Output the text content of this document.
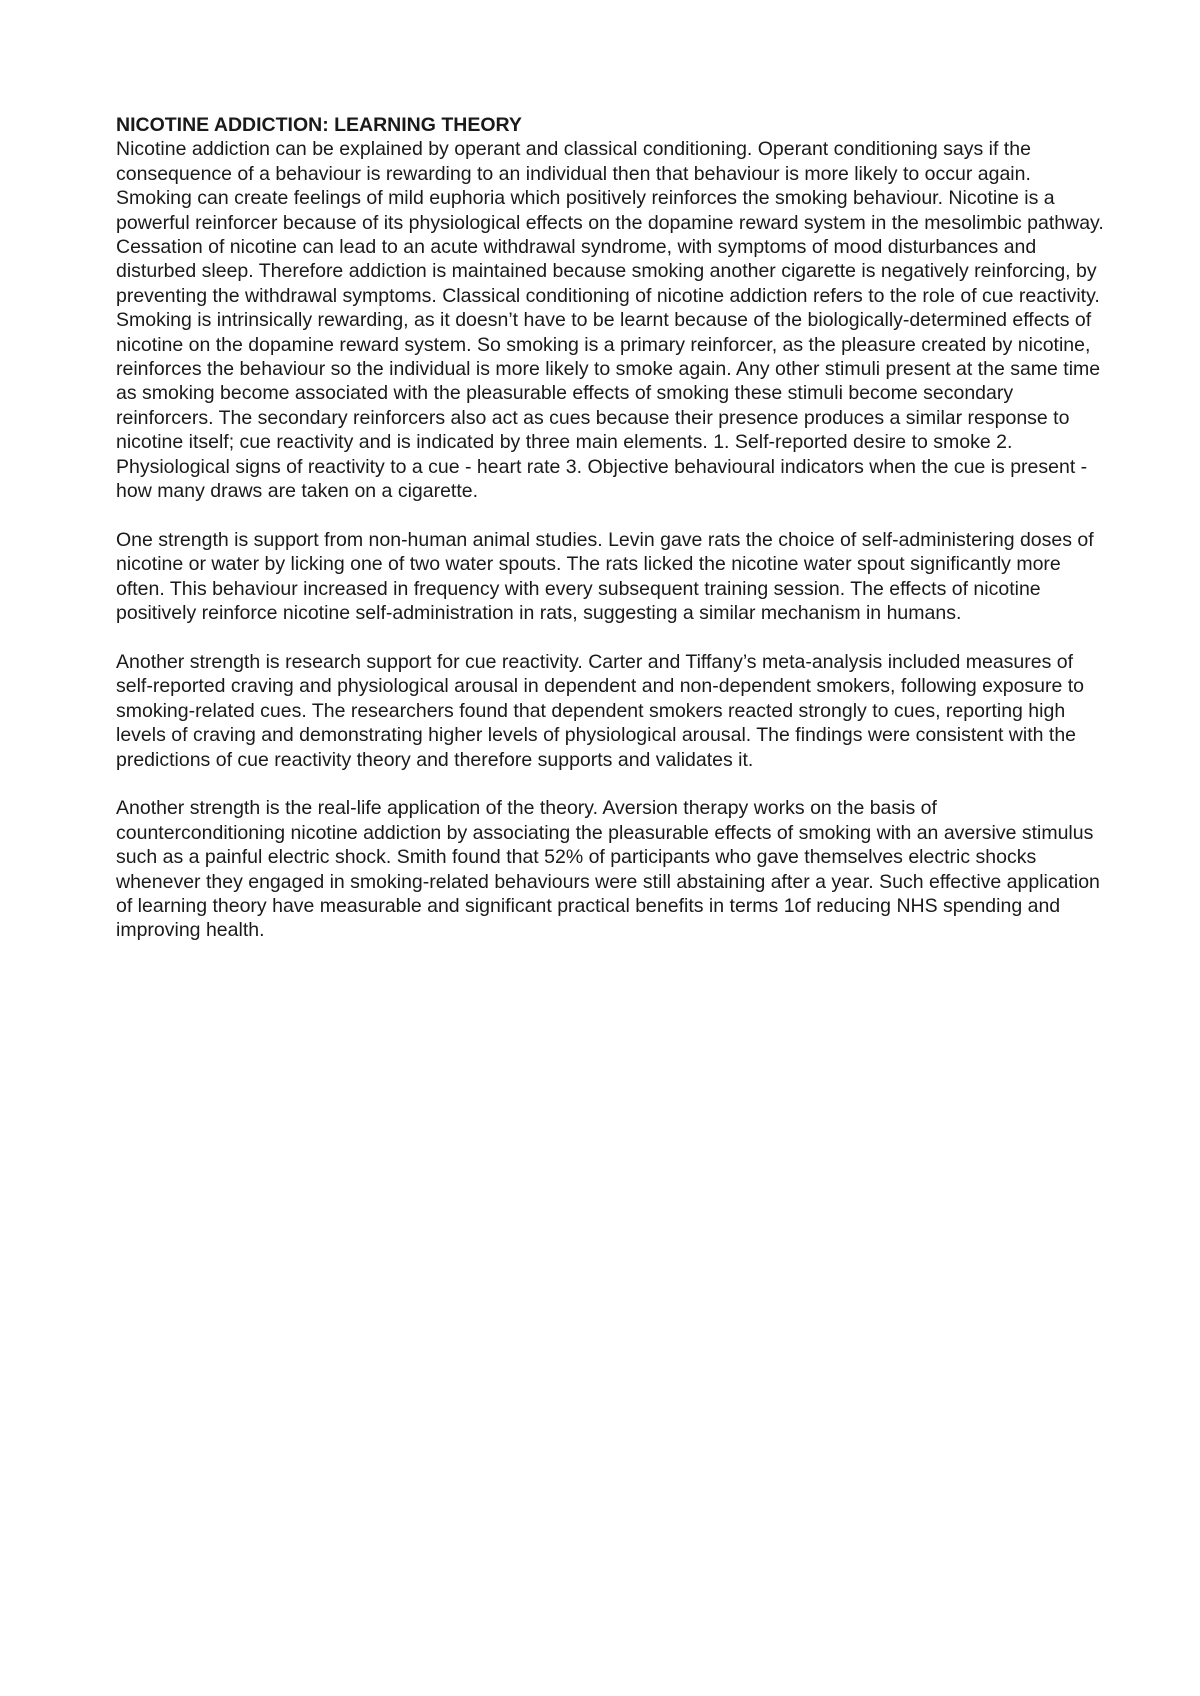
NICOTINE ADDICTION: LEARNING THEORY

Nicotine addiction can be explained by operant and classical conditioning. Operant conditioning says if the consequence of a behaviour is rewarding to an individual then that behaviour is more likely to occur again. Smoking can create feelings of mild euphoria which positively reinforces the smoking behaviour. Nicotine is a powerful reinforcer because of its physiological effects on the dopamine reward system in the mesolimbic pathway. Cessation of nicotine can lead to an acute withdrawal syndrome, with symptoms of mood disturbances and disturbed sleep. Therefore addiction is maintained because smoking another cigarette is negatively reinforcing, by preventing the withdrawal symptoms. Classical conditioning of nicotine addiction refers to the role of cue reactivity. Smoking is intrinsically rewarding, as it doesn’t have to be learnt because of the biologically-determined effects of nicotine on the dopamine reward system. So smoking is a primary reinforcer, as the pleasure created by nicotine, reinforces the behaviour so the individual is more likely to smoke again. Any other stimuli present at the same time as smoking become associated with the pleasurable effects of smoking these stimuli become secondary reinforcers. The secondary reinforcers also act as cues because their presence produces a similar response to nicotine itself; cue reactivity and is indicated by three main elements. 1. Self-reported desire to smoke 2. Physiological signs of reactivity to a cue - heart rate 3. Objective behavioural indicators when the cue is present - how many draws are taken on a cigarette.

One strength is support from non-human animal studies. Levin gave rats the choice of self-administering doses of nicotine or water by licking one of two water spouts. The rats licked the nicotine water spout significantly more often. This behaviour increased in frequency with every subsequent training session. The effects of nicotine positively reinforce nicotine self-administration in rats, suggesting a similar mechanism in humans.

Another strength is research support for cue reactivity. Carter and Tiffany’s meta-analysis included measures of self-reported craving and physiological arousal in dependent and non-dependent smokers, following exposure to smoking-related cues. The researchers found that dependent smokers reacted strongly to cues, reporting high levels of craving and demonstrating higher levels of physiological arousal. The findings were consistent with the predictions of cue reactivity theory and therefore supports and validates it.

Another strength is the real-life application of the theory. Aversion therapy works on the basis of counterconditioning nicotine addiction by associating the pleasurable effects of smoking with an aversive stimulus such as a painful electric shock. Smith found that 52% of participants who gave themselves electric shocks whenever they engaged in smoking-related behaviours were still abstaining after a year. Such effective application of learning theory have measurable and significant practical benefits in terms 1of reducing NHS spending and improving health.
